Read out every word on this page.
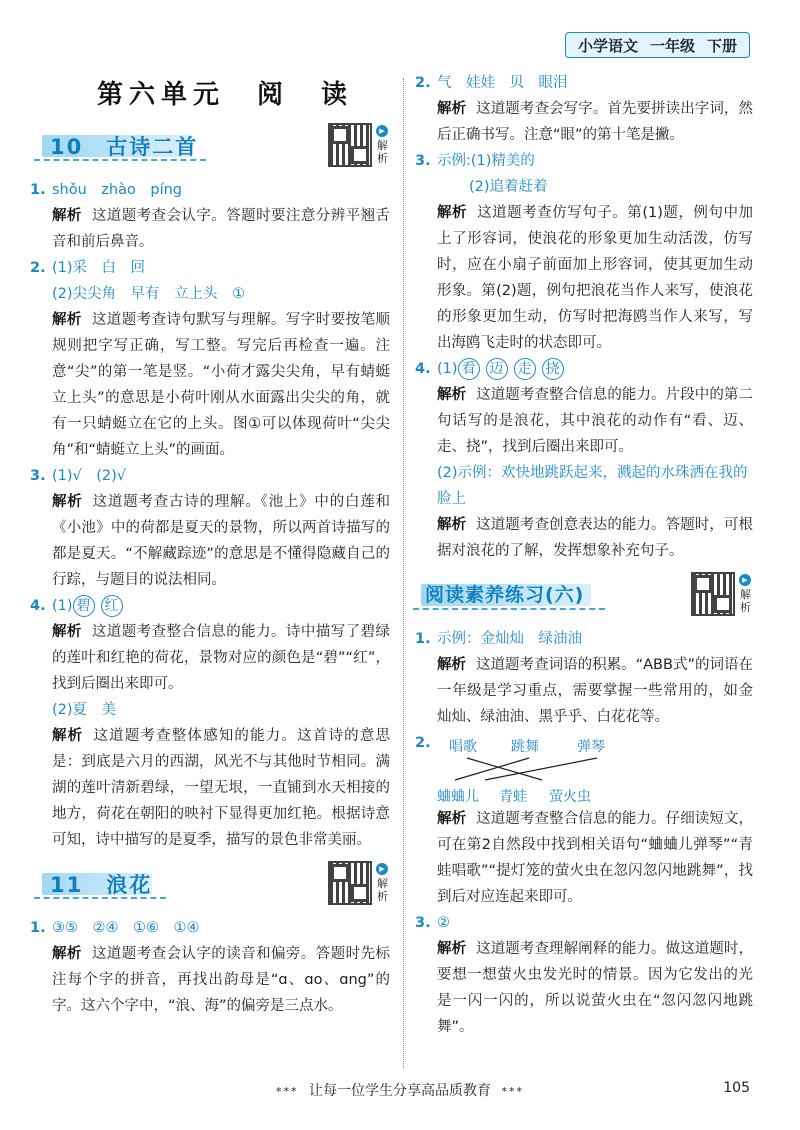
小学语文 一年级 下册
第六单元　阅　读
10　古诗二首
▶
解析
1. shǒu　zhào　píng
解析 这道题考查会认字。答题时要注意分辨平翘舌音和前后鼻音。
2. (1)采　白　回
(2)尖尖角　早有　立上头　①
解析 这道题考查诗句默写与理解。写字时要按笔顺规则把字写正确，写工整。写完后再检查一遍。注意“尖”的第一笔是竖。“小荷才露尖尖角，早有蜻蜓立上头”的意思是小荷叶刚从水面露出尖尖的角，就有一只蜻蜓立在它的上头。图①可以体现荷叶“尖尖角”和“蜻蜓立上头”的画面。
3. (1)√　(2)√
解析 这道题考查古诗的理解。《池上》中的白莲和《小池》中的荷都是夏天的景物，所以两首诗描写的都是夏天。“不解藏踪迹”的意思是不懂得隐藏自己的行踪，与题目的说法相同。
4. (1) 碧 红
解析 这道题考查整合信息的能力。诗中描写了碧绿的莲叶和红艳的荷花，景物对应的颜色是“碧”“红”，找到后圈出来即可。
(2)夏　美
解析 这道题考查整体感知的能力。这首诗的意思是：到底是六月的西湖，风光不与其他时节相同。满湖的莲叶清新碧绿，一望无垠，一直铺到水天相接的地方，荷花在朝阳的映衬下显得更加红艳。根据诗意可知，诗中描写的是夏季，描写的景色非常美丽。
11　浪花
▶
解析
1. ③⑤　②④　①⑥　①④
解析 这道题考查会认字的读音和偏旁。答题时先标注每个字的拼音，再找出韵母是“ɑ、ɑo、ɑng”的字。这六个字中，“浪、海”的偏旁是三点水。
2. 气　娃娃　贝　眼泪
解析 这道题考查会写字。首先要拼读出字词，然后正确书写。注意“眼”的第十笔是撇。
3. 示例:(1)精美的
(2)追着赶着
解析 这道题考查仿写句子。第(1)题，例句中加上了形容词，使浪花的形象更加生动活泼，仿写时，应在小扇子前面加上形容词，使其更加生动形象。第(2)题，例句把浪花当作人来写，使浪花的形象更加生动，仿写时把海鸥当作人来写，写出海鸥飞走时的状态即可。
4. (1) 看 迈 走 挠
解析 这道题考查整合信息的能力。片段中的第二句话写的是浪花，其中浪花的动作有“看、迈、走、挠”，找到后圈出来即可。
(2)示例：欢快地跳跃起来，溅起的水珠洒在我的脸上
解析 这道题考查创意表达的能力。答题时，可根据对浪花的了解，发挥想象补充句子。
阅读素养练习(六)
▶
解析
1. 示例：金灿灿　绿油油
解析 这道题考查词语的积累。“ABB式”的词语在一年级是学习重点，需要掌握一些常用的，如金灿灿、绿油油、黑乎乎、白花花等。
2.	唱歌 跳舞	弹琴
蛐蛐儿 青蛙 萤火虫
解析 这道题考查整合信息的能力。仔细读短文，可在第2自然段中找到相关语句“蛐蛐儿弹琴”“青蛙唱歌”“提灯笼的萤火虫在忽闪忽闪地跳舞”，找到后对应连起来即可。
3. ②
解析 这道题考查理解阐释的能力。做这道题时，要想一想萤火虫发光时的情景。因为它发出的光是一闪一闪的，所以说萤火虫在“忽闪忽闪地跳舞”。
*** 让每一位学生分享高品质教育 ***	105
